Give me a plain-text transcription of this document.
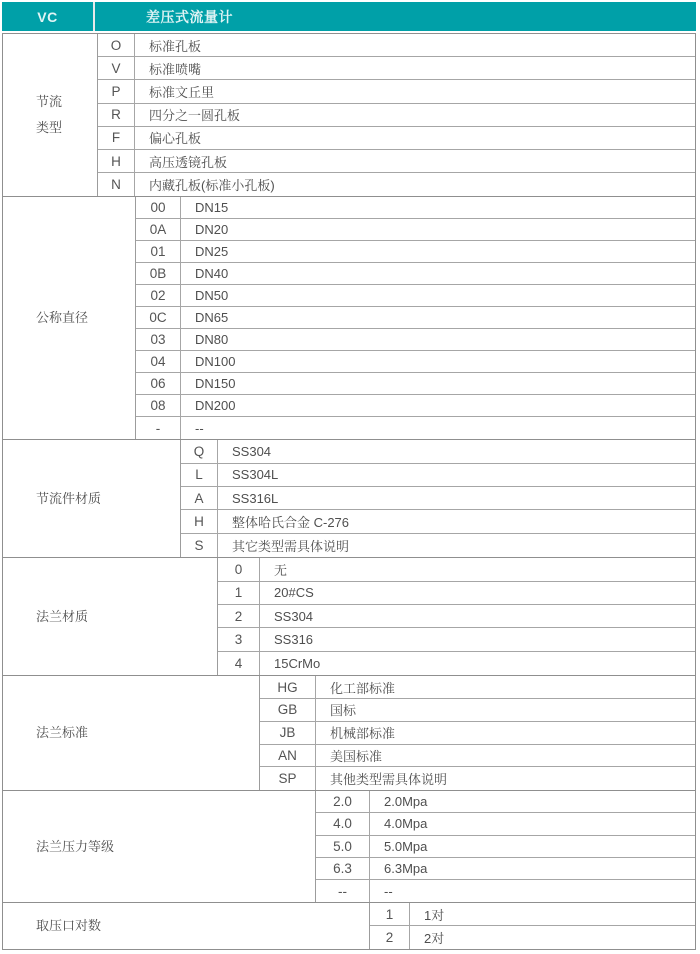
VC	差压式流量计
节流
类型
O	标准孔板
V	标准喷嘴
P	标准文丘里
R	四分之一圆孔板
F	偏心孔板
H	高压透镜孔板
N	内藏孔板(标准小孔板)
公称直径
00	DN15
0A	DN20
01	DN25
0B	DN40
02	DN50
0C	DN65
03	DN80
04	DN100
06	DN150
08	DN200
-	--
节流件材质
Q	SS304
L	SS304L
A	SS316L
H	整体哈氏合金 C-276
S	其它类型需具体说明
法兰材质
0	无
1	20#CS
2	SS304
3	SS316
4	15CrMo
法兰标准
HG	化工部标准
GB	国标
JB	机械部标准
AN	美国标准
SP	其他类型需具体说明
法兰压力等级
2.0	2.0Mpa
4.0	4.0Mpa
5.0	5.0Mpa
6.3	6.3Mpa
--	--
取压口对数
1	1对
2	2对
